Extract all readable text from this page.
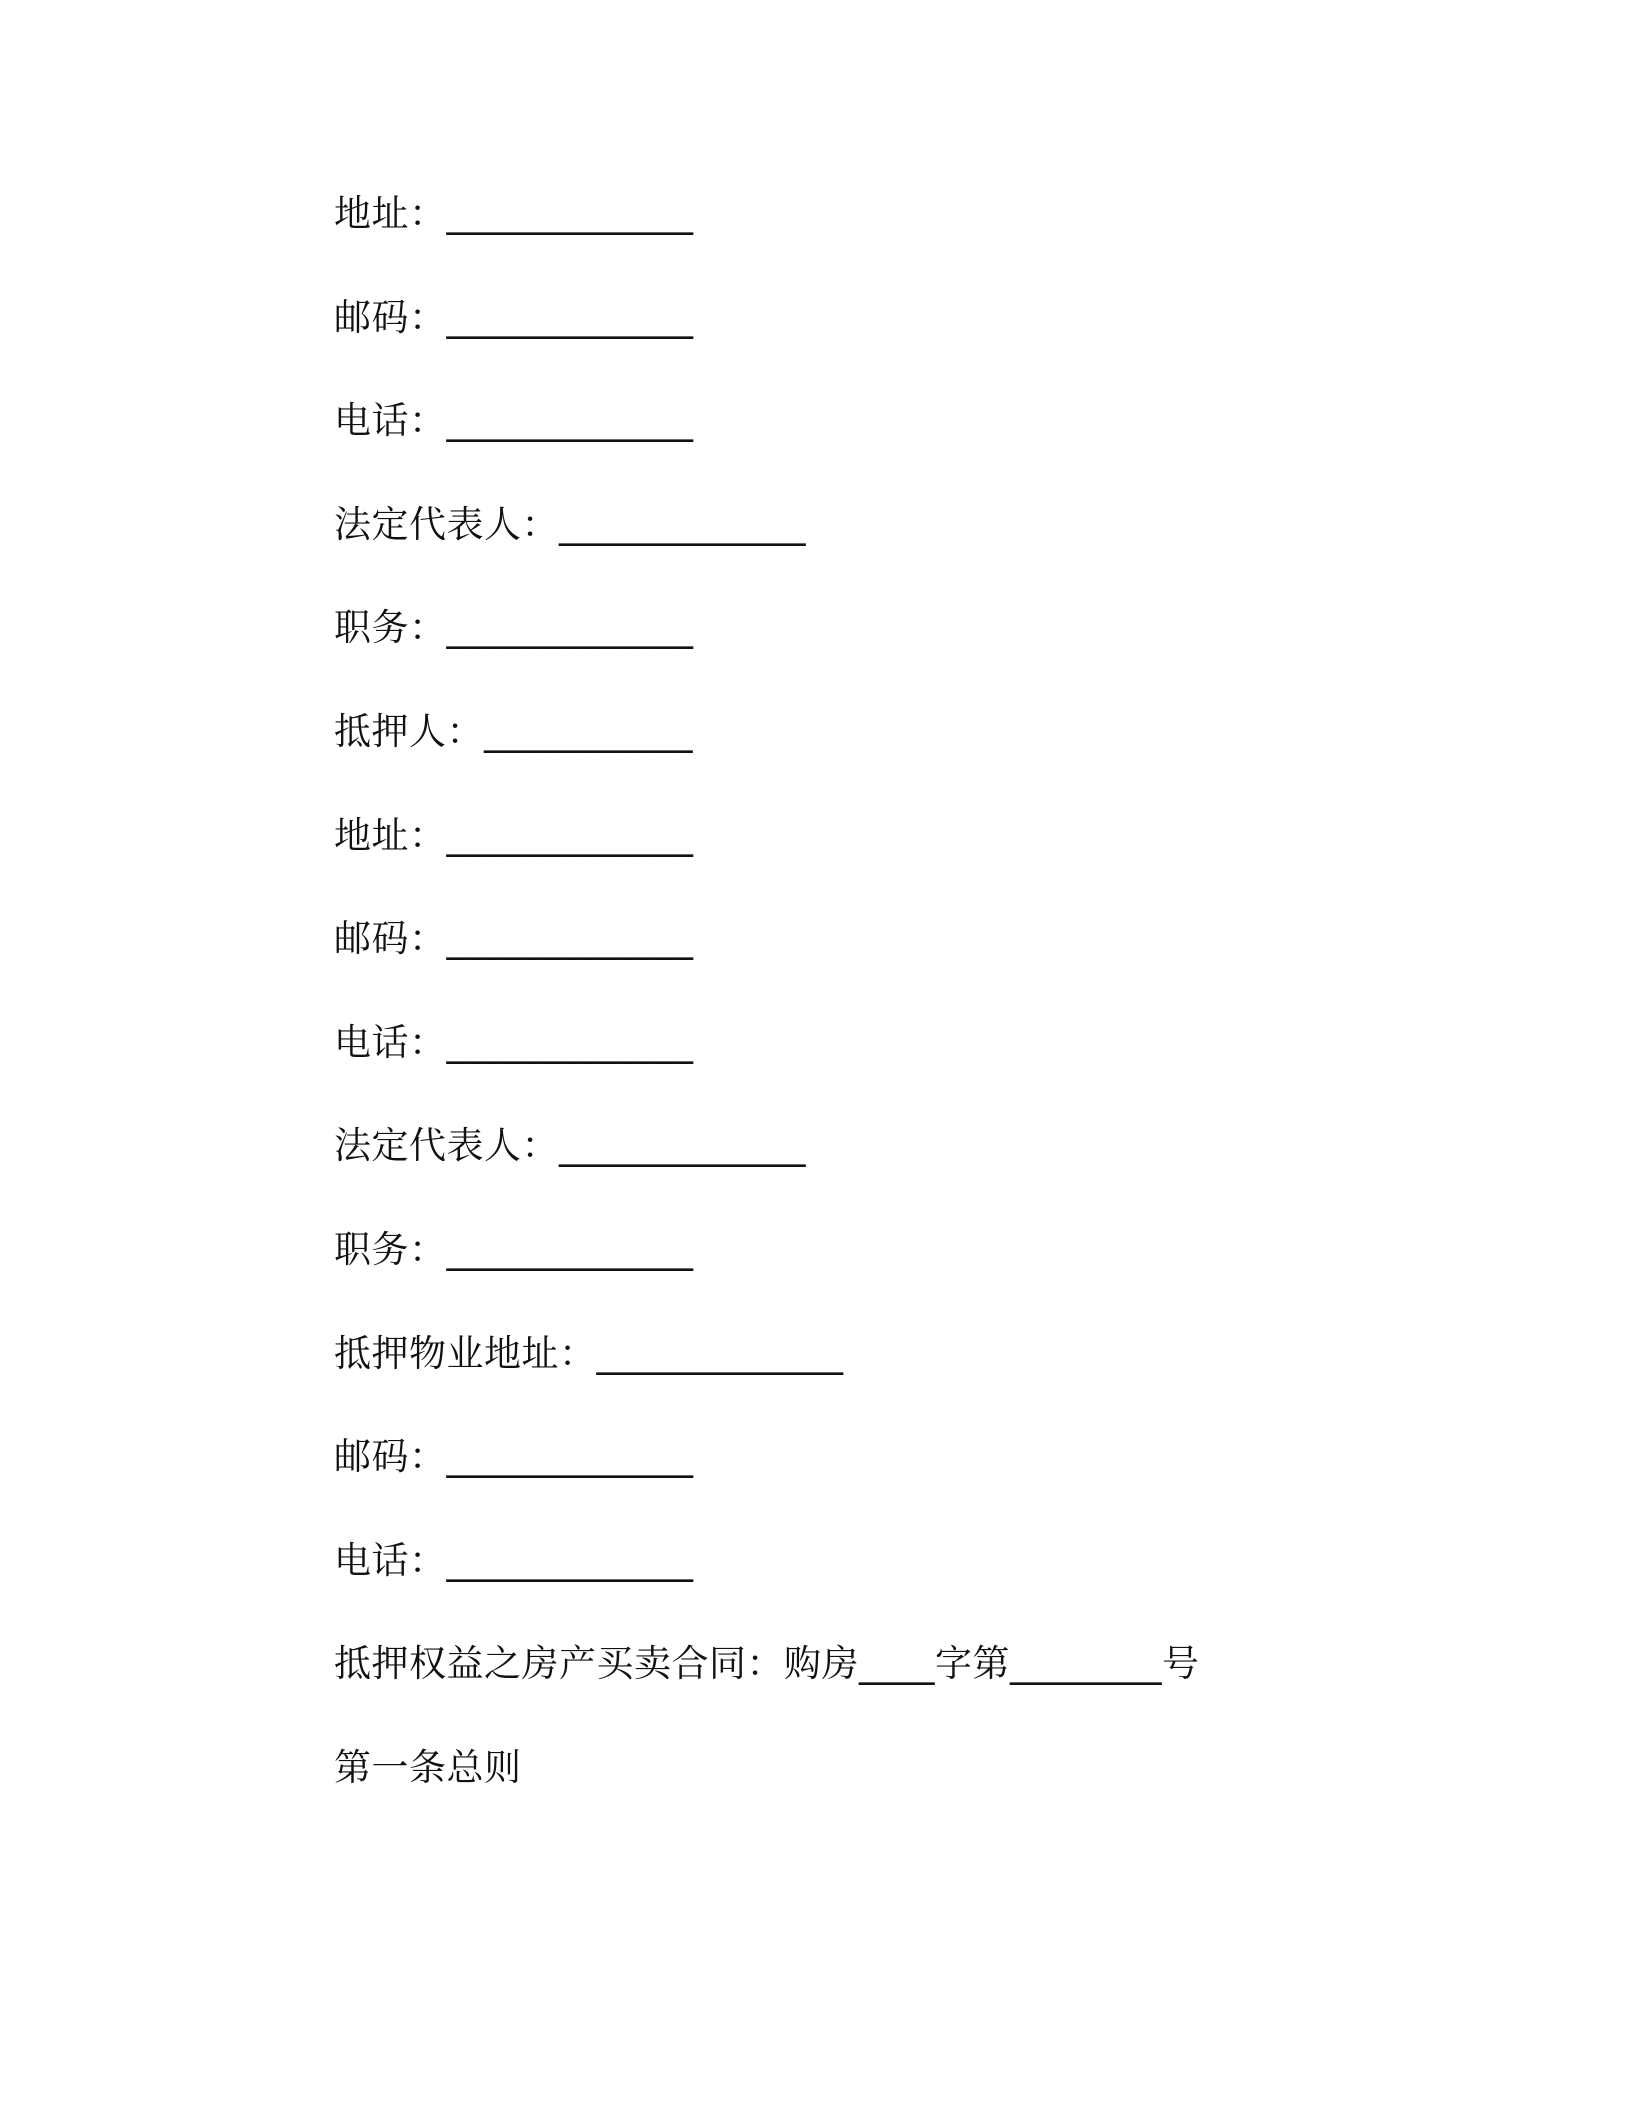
地址：_____________
邮码：_____________
电话：_____________
法定代表人：_____________
职务：_____________
抵押人：___________
地址：_____________
邮码：_____________
电话：_____________
法定代表人：_____________
职务：_____________
抵押物业地址：_____________
邮码：_____________
电话：_____________
抵押权益之房产买卖合同：购房____字第________号
第一条总则
